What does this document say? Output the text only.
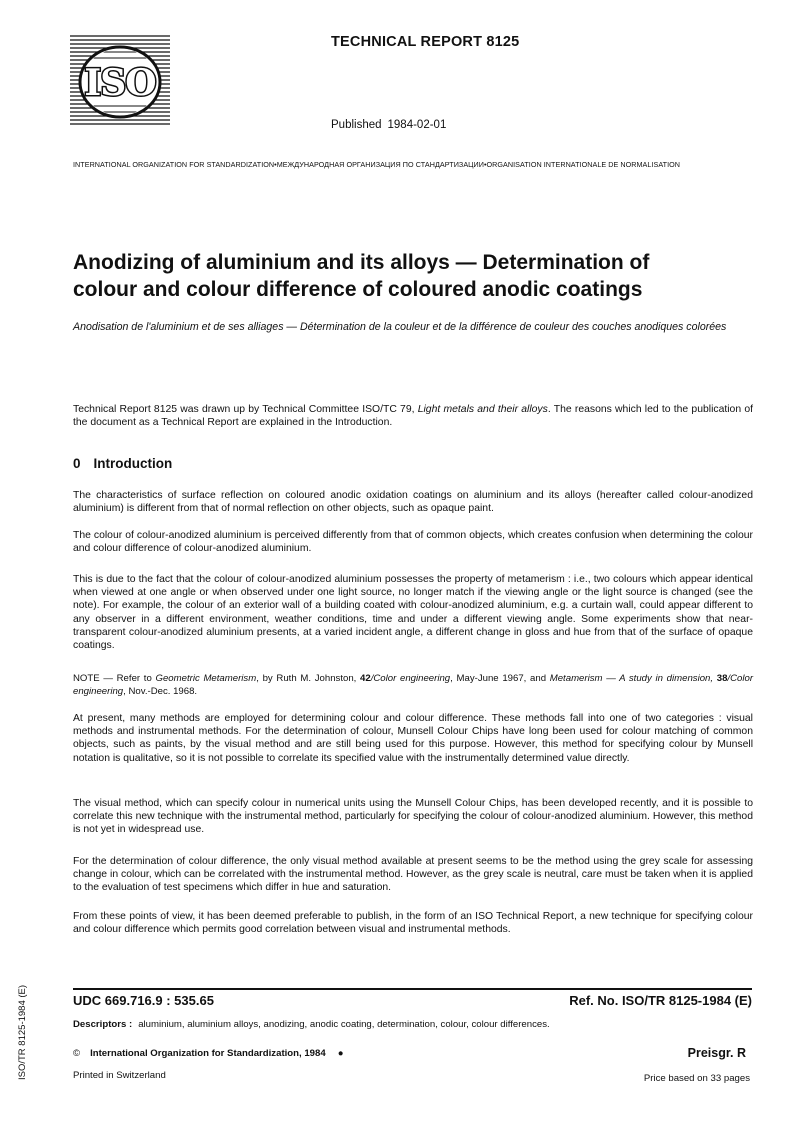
ISO
TECHNICAL REPORT 8125
Published 1984-02-01
INTERNATIONAL ORGANIZATION FOR STANDARDIZATION•МЕЖДУНАРОДНАЯ ОРГАНИЗАЦИЯ ПО СТАНДАРТИЗАЦИИ•ORGANISATION INTERNATIONALE DE NORMALISATION
Anodizing of aluminium and its alloys — Determination of
colour and colour difference of coloured anodic coatings
Anodisation de l'aluminium et de ses alliages — Détermination de la couleur et de la différence de couleur des couches anodiques colorées
Technical Report 8125 was drawn up by Technical Committee ISO/TC 79, Light metals and their alloys. The reasons which led to the publication of the document as a Technical Report are explained in the Introduction.
0 Introduction
The characteristics of surface reflection on coloured anodic oxidation coatings on aluminium and its alloys (hereafter called colour-anodized aluminium) is different from that of normal reflection on other objects, such as opaque paint.
The colour of colour-anodized aluminium is perceived differently from that of common objects, which creates confusion when determining the colour and colour difference of colour-anodized aluminium.
This is due to the fact that the colour of colour-anodized aluminium possesses the property of metamerism : i.e., two colours which appear identical when viewed at one angle or when observed under one light source, no longer match if the viewing angle or the light source is changed (see the note). For example, the colour of an exterior wall of a building coated with colour-anodized aluminium, e.g. a curtain wall, could appear different to any observer in a different environment, weather conditions, time and under a different viewing angle. Some experiments show that near-transparent colour-anodized aluminium presents, at a varied incident angle, a different change in gloss and hue from that of the surface of opaque coatings.
NOTE — Refer to Geometric Metamerism, by Ruth M. Johnston, 42/Color engineering, May-June 1967, and Metamerism — A study in dimension, 38/Color engineering, Nov.-Dec. 1968.
At present, many methods are employed for determining colour and colour difference. These methods fall into one of two categories : visual methods and instrumental methods. For the determination of colour, Munsell Colour Chips have long been used for colour matching of common objects, such as paints, by the visual method and are still being used for this purpose. However, this method for specifying colour by Munsell notation is qualitative, so it is not possible to correlate its specified value with the instrumentally determined value directly.
The visual method, which can specify colour in numerical units using the Munsell Colour Chips, has been developed recently, and it is possible to correlate this new technique with the instrumental method, particularly for specifying the colour of colour-anodized aluminium. However, this method is not yet in widespread use.
For the determination of colour difference, the only visual method available at present seems to be the method using the grey scale for assessing change in colour, which can be correlated with the instrumental method. However, as the grey scale is neutral, care must be taken when it is applied to the evaluation of test specimens which differ in hue and saturation.
From these points of view, it has been deemed preferable to publish, in the form of an ISO Technical Report, a new technique for specifying colour and colour difference which permits good correlation between visual and instrumental methods.
UDC 669.716.9 : 535.65	Ref. No. ISO/TR 8125-1984 (E)
Descriptors : aluminium, aluminium alloys, anodizing, anodic coating, determination, colour, colour differences.
© International Organization for Standardization, 1984 ●	Preisgr. R
Printed in Switzerland	Price based on 33 pages
ISO/TR 8125-1984 (E)
